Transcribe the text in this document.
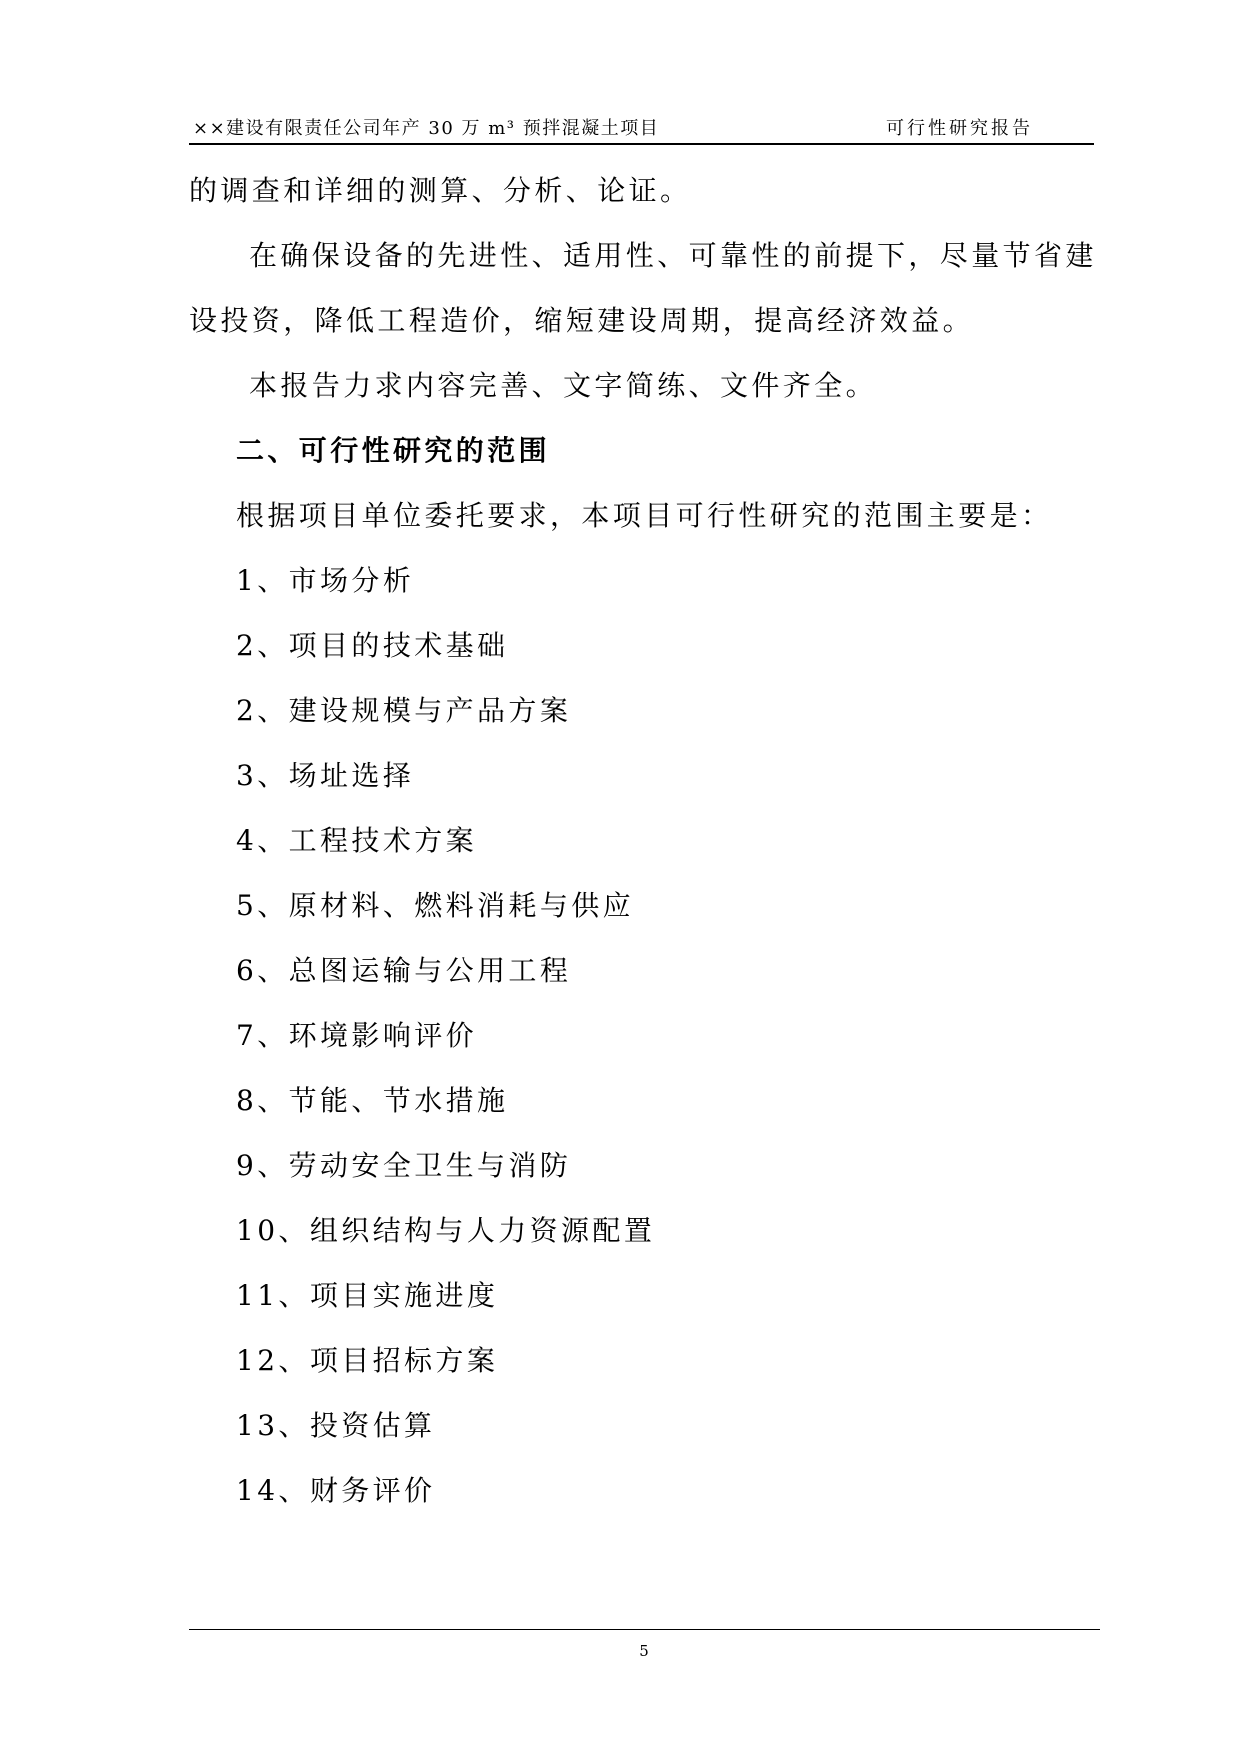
××建设有限责任公司年产 30 万 m³ 预拌混凝土项目	可行性研究报告
的调查和详细的测算、分析、论证。
在确保设备的先进性、适用性、可靠性的前提下，尽量节省建
设投资，降低工程造价，缩短建设周期，提高经济效益。
本报告力求内容完善、文字简练、文件齐全。
二、可行性研究的范围
根据项目单位委托要求，本项目可行性研究的范围主要是：
1、市场分析
2、项目的技术基础
2、建设规模与产品方案
3、场址选择
4、工程技术方案
5、原材料、燃料消耗与供应
6、总图运输与公用工程
7、环境影响评价
8、节能、节水措施
9、劳动安全卫生与消防
10、组织结构与人力资源配置
11、项目实施进度
12、项目招标方案
13、投资估算
14、财务评价
5
